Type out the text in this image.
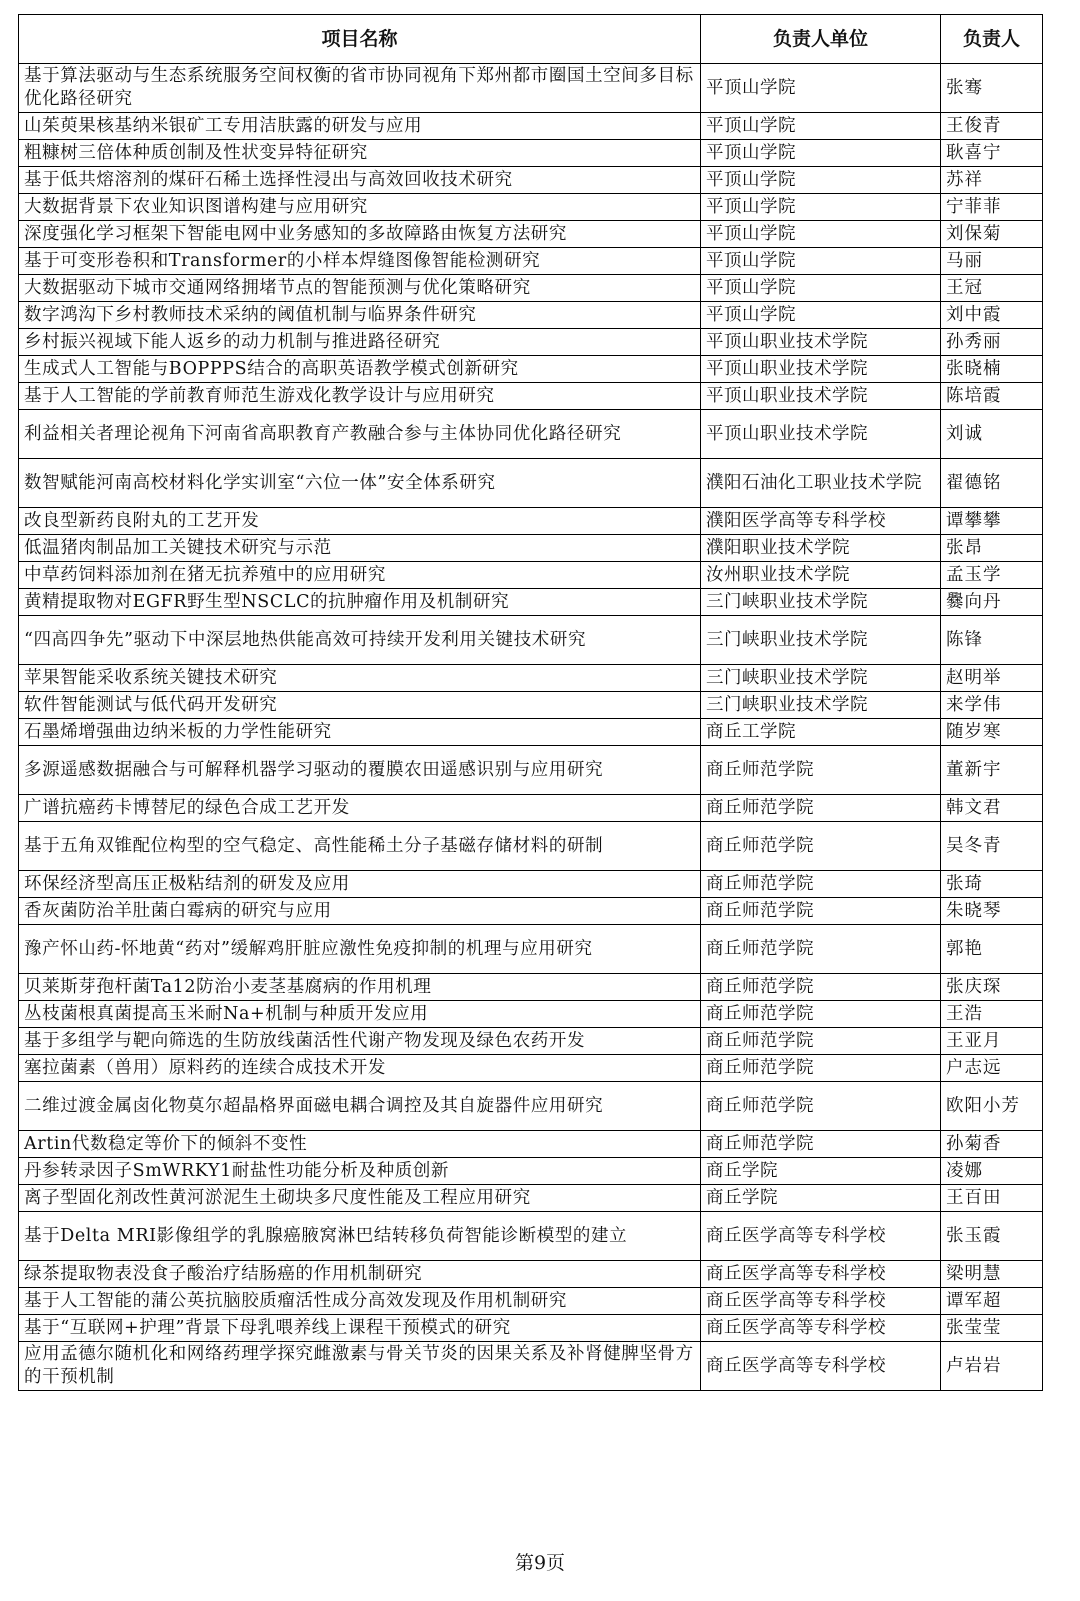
项目名称	负责人单位	负责人
基于算法驱动与生态系统服务空间权衡的省市协同视角下郑州都市圈国土空间多目标优化路径研究	平顶山学院	张骞
山茱萸果核基纳米银矿工专用洁肤露的研发与应用	平顶山学院	王俊青
粗糠树三倍体种质创制及性状变异特征研究	平顶山学院	耿喜宁
基于低共熔溶剂的煤矸石稀土选择性浸出与高效回收技术研究	平顶山学院	苏祥
大数据背景下农业知识图谱构建与应用研究	平顶山学院	宁菲菲
深度强化学习框架下智能电网中业务感知的多故障路由恢复方法研究	平顶山学院	刘保菊
基于可变形卷积和Transformer的小样本焊缝图像智能检测研究	平顶山学院	马丽
大数据驱动下城市交通网络拥堵节点的智能预测与优化策略研究	平顶山学院	王冠
数字鸿沟下乡村教师技术采纳的阈值机制与临界条件研究	平顶山学院	刘中霞
乡村振兴视域下能人返乡的动力机制与推进路径研究	平顶山职业技术学院	孙秀丽
生成式人工智能与BOPPPS结合的高职英语教学模式创新研究	平顶山职业技术学院	张晓楠
基于人工智能的学前教育师范生游戏化教学设计与应用研究	平顶山职业技术学院	陈培霞
利益相关者理论视角下河南省高职教育产教融合参与主体协同优化路径研究	平顶山职业技术学院	刘诚
数智赋能河南高校材料化学实训室“六位一体”安全体系研究	濮阳石油化工职业技术学院	翟德铭
改良型新药良附丸的工艺开发	濮阳医学高等专科学校	谭攀攀
低温猪肉制品加工关键技术研究与示范	濮阳职业技术学院	张昂
中草药饲料添加剂在猪无抗养殖中的应用研究	汝州职业技术学院	孟玉学
黄精提取物对EGFR野生型NSCLC的抗肿瘤作用及机制研究	三门峡职业技术学院	爨向丹
“四高四争先”驱动下中深层地热供能高效可持续开发利用关键技术研究	三门峡职业技术学院	陈锋
苹果智能采收系统关键技术研究	三门峡职业技术学院	赵明举
软件智能测试与低代码开发研究	三门峡职业技术学院	来学伟
石墨烯增强曲边纳米板的力学性能研究	商丘工学院	随岁寒
多源遥感数据融合与可解释机器学习驱动的覆膜农田遥感识别与应用研究	商丘师范学院	董新宇
广谱抗癌药卡博替尼的绿色合成工艺开发	商丘师范学院	韩文君
基于五角双锥配位构型的空气稳定、高性能稀土分子基磁存储材料的研制	商丘师范学院	吴冬青
环保经济型高压正极粘结剂的研发及应用	商丘师范学院	张琦
香灰菌防治羊肚菌白霉病的研究与应用	商丘师范学院	朱晓琴
豫产怀山药-怀地黄“药对”缓解鸡肝脏应激性免疫抑制的机理与应用研究	商丘师范学院	郭艳
贝莱斯芽孢杆菌Ta12防治小麦茎基腐病的作用机理	商丘师范学院	张庆琛
丛枝菌根真菌提高玉米耐Na+机制与种质开发应用	商丘师范学院	王浩
基于多组学与靶向筛选的生防放线菌活性代谢产物发现及绿色农药开发	商丘师范学院	王亚月
塞拉菌素（兽用）原料药的连续合成技术开发	商丘师范学院	户志远
二维过渡金属卤化物莫尔超晶格界面磁电耦合调控及其自旋器件应用研究	商丘师范学院	欧阳小芳
Artin代数稳定等价下的倾斜不变性	商丘师范学院	孙菊香
丹参转录因子SmWRKY1耐盐性功能分析及种质创新	商丘学院	凌娜
离子型固化剂改性黄河淤泥生土砌块多尺度性能及工程应用研究	商丘学院	王百田
基于Delta MRI影像组学的乳腺癌腋窝淋巴结转移负荷智能诊断模型的建立	商丘医学高等专科学校	张玉霞
绿茶提取物表没食子酸治疗结肠癌的作用机制研究	商丘医学高等专科学校	梁明慧
基于人工智能的蒲公英抗脑胶质瘤活性成分高效发现及作用机制研究	商丘医学高等专科学校	谭军超
基于“互联网+护理”背景下母乳喂养线上课程干预模式的研究	商丘医学高等专科学校	张莹莹
应用孟德尔随机化和网络药理学探究雌激素与骨关节炎的因果关系及补肾健脾坚骨方的干预机制	商丘医学高等专科学校	卢岩岩
第9页
